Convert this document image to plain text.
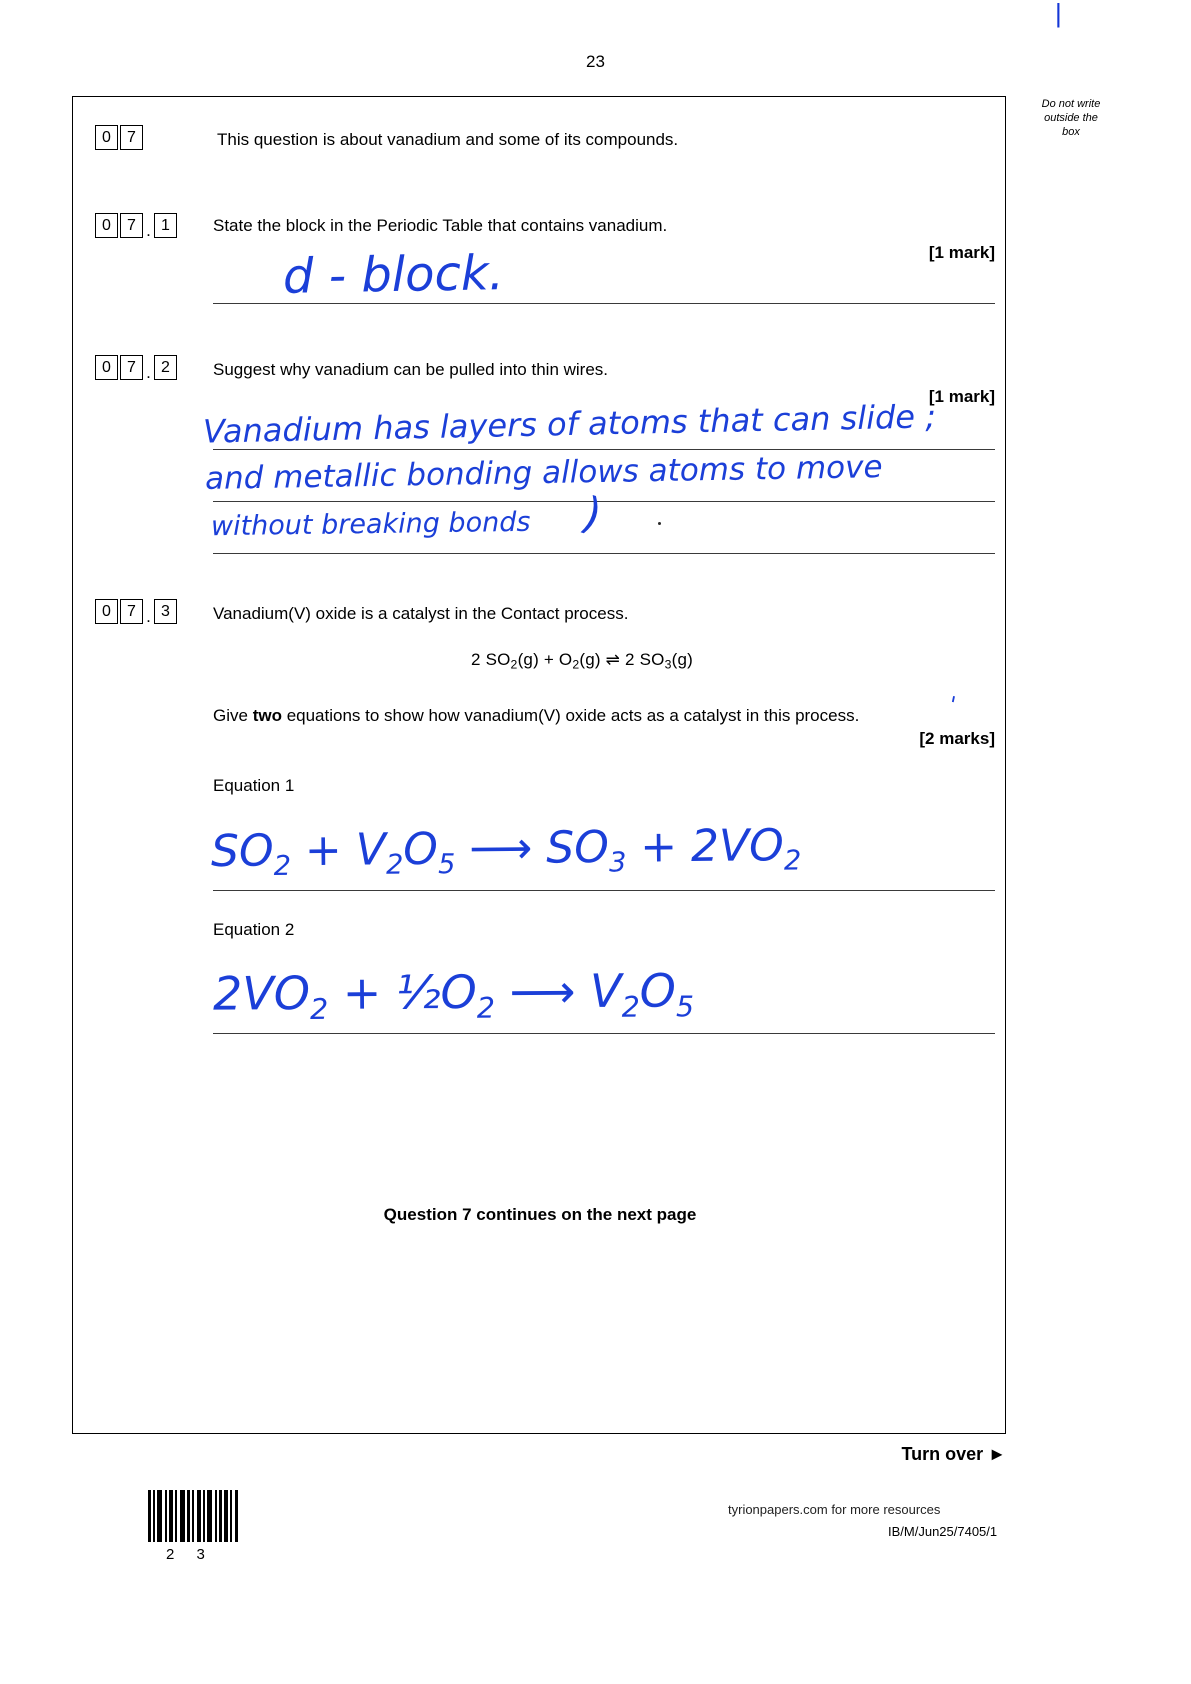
|
23
Do not write
outside the
box
0	7	This question is about vanadium and some of its compounds.
0	7 . 1	State the block in the Periodic Table that contains vanadium.
[1 mark]
d - block.
0	7 . 2	Suggest why vanadium can be pulled into thin wires.
[1 mark]
Vanadium has layers of atoms that can slide ;
and metallic bonding allows atoms to move
without breaking bonds )
0	7 . 3	Vanadium(V) oxide is a catalyst in the Contact process.
2 $SO_2(g) + O_2(g)$ ⇌ 2 $SO_3(g)$
Give two equations to show how vanadium(V) oxide acts as a catalyst in this process.	'
[2 marks]
Equation 1
$SO_2 + V_2O_5$ ⟶ $SO_3 + 2VO_2$
Equation 2
$2VO_2$ + $\frac{1}{2}O_2$ ⟶ $V_2O_5$
Question 7 continues on the next page
Turn over ►
2 3
tyrionpapers.com for more resources
IB/M/Jun25/7405/1
